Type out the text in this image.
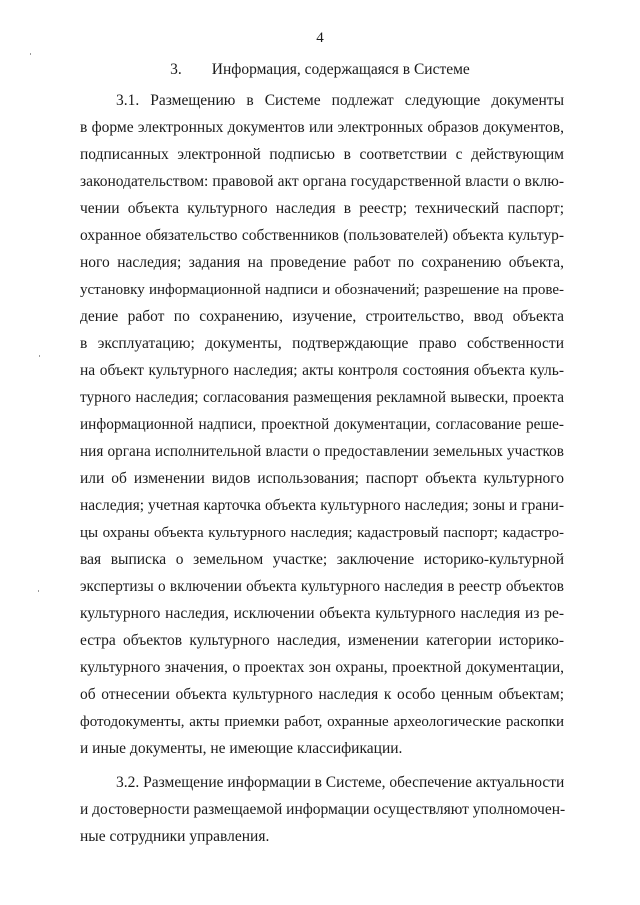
4
3. Информация, содержащаяся в Системе
3.1. Размещению в Системе подлежат следующие документы
в форме электронных документов или электронных образов документов,
подписанных электронной подписью в соответствии с действующим
законодательством: правовой акт органа государственной власти о вклю-
чении объекта культурного наследия в реестр; технический паспорт;
охранное обязательство собственников (пользователей) объекта культур-
ного наследия; задания на проведение работ по сохранению объекта,
установку информационной надписи и обозначений; разрешение на прове-
дение работ по сохранению, изучение, строительство, ввод объекта
в эксплуатацию; документы, подтверждающие право собственности
на объект культурного наследия; акты контроля состояния объекта куль-
турного наследия; согласования размещения рекламной вывески, проекта
информационной надписи, проектной документации, согласование реше-
ния органа исполнительной власти о предоставлении земельных участков
или об изменении видов использования; паспорт объекта культурного
наследия; учетная карточка объекта культурного наследия; зоны и грани-
цы охраны объекта культурного наследия; кадастровый паспорт; кадастро-
вая выписка о земельном участке; заключение историко-культурной
экспертизы о включении объекта культурного наследия в реестр объектов
культурного наследия, исключении объекта культурного наследия из ре-
естра объектов культурного наследия, изменении категории историко-
культурного значения, о проектах зон охраны, проектной документации,
об отнесении объекта культурного наследия к особо ценным объектам;
фотодокументы, акты приемки работ, охранные археологические раскопки
и иные документы, не имеющие классификации.
3.2. Размещение информации в Системе, обеспечение актуальности
и достоверности размещаемой информации осуществляют уполномочен-
ные сотрудники управления.
